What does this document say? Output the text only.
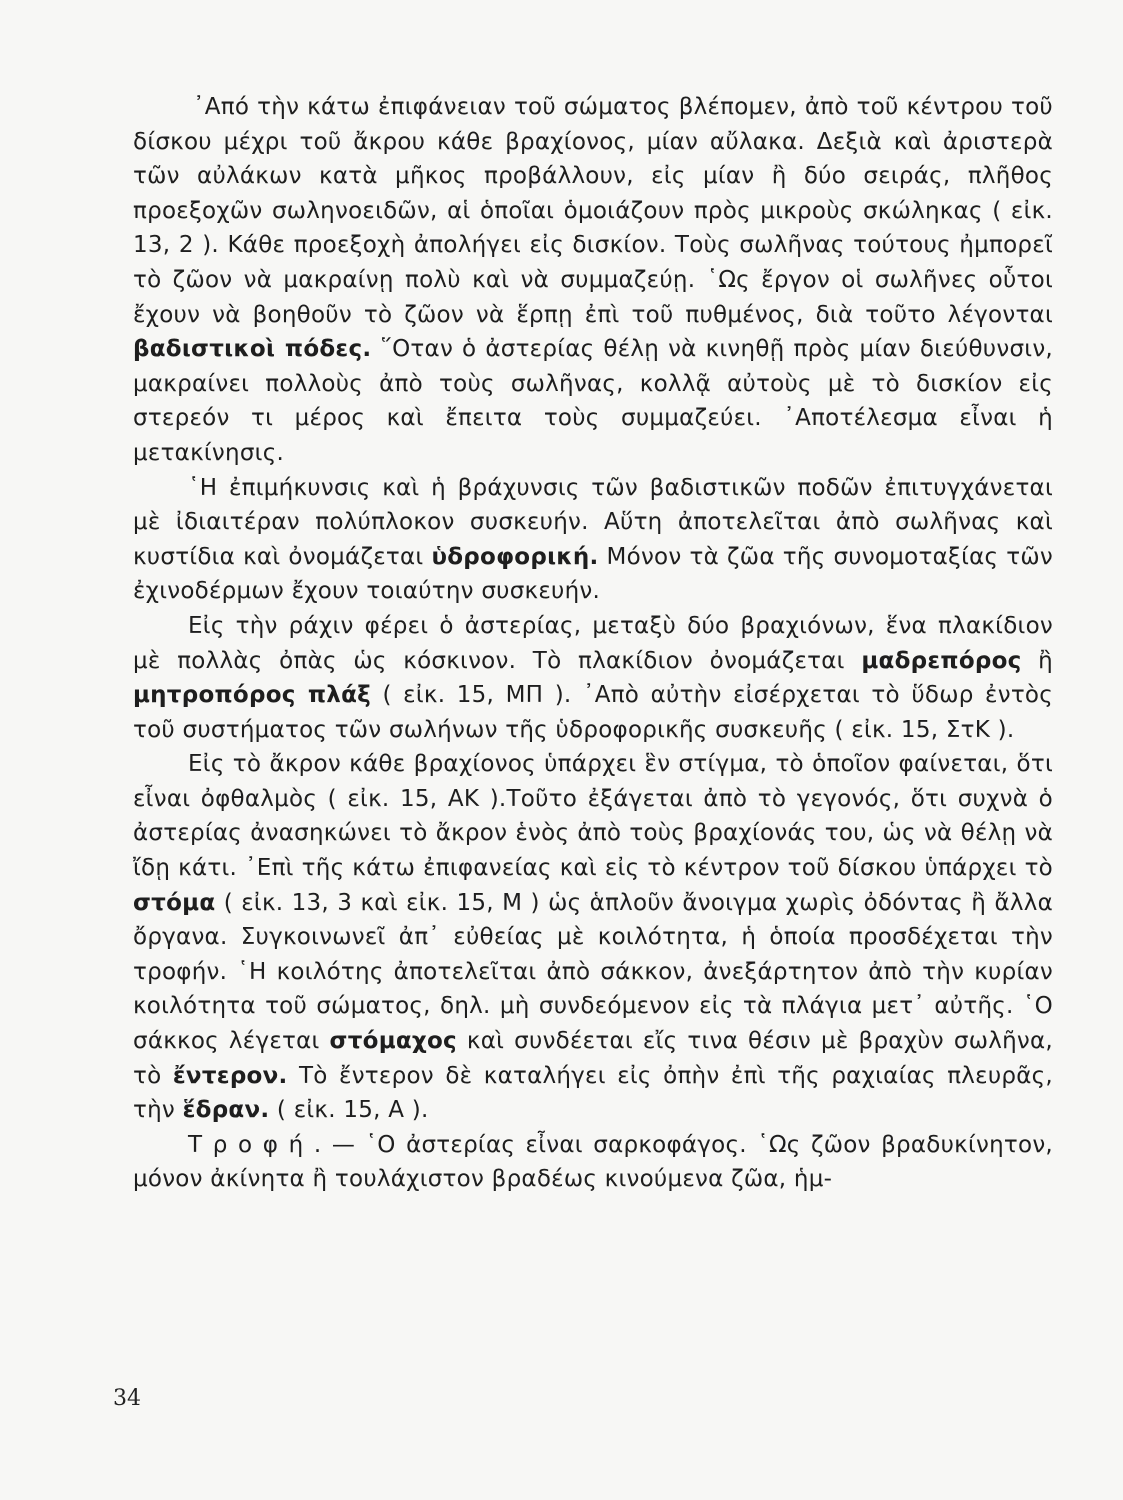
᾿Από τὴν κάτω ἐπιφάνειαν τοῦ σώματος βλέπομεν, ἀπὸ τοῦ κέντρου τοῦ δίσκου μέχρι τοῦ ἄκρου κάθε βραχίονος, μίαν αὔλακα. Δεξιὰ καὶ ἀριστερὰ τῶν αὐλάκων κατὰ μῆκος προβάλλουν, εἰς μίαν ἢ δύο σειράς, πλῆθος προεξοχῶν σωληνοειδῶν, αἱ ὁποῖαι ὁμοιάζουν πρὸς μικροὺς σκώληκας ( εἰκ. 13, 2 ). Κάθε προεξοχὴ ἀπολήγει εἰς δισκίον. Τοὺς σωλῆνας τούτους ἠμπορεῖ τὸ ζῶον νὰ μακραίνῃ πολὺ καὶ νὰ συμμαζεύῃ. ῾Ως ἔργον οἱ σωλῆνες οὗτοι ἔχουν νὰ βοηθοῦν τὸ ζῶον νὰ ἕρπῃ ἐπὶ τοῦ πυθμένος, διὰ τοῦτο λέγονται βαδιστικοὶ πόδες. ῞Οταν ὁ ἀστερίας θέλῃ νὰ κινηθῇ πρὸς μίαν διεύθυνσιν, μακραίνει πολλοὺς ἀπὸ τοὺς σωλῆνας, κολλᾷ αὐτοὺς μὲ τὸ δισκίον εἰς στερεόν τι μέρος καὶ ἔπειτα τοὺς συμμαζεύει. ᾿Αποτέλεσμα εἶναι ἡ μετακίνησις.

῾Η ἐπιμήκυνσις καὶ ἡ βράχυνσις τῶν βαδιστικῶν ποδῶν ἐπιτυγχάνεται μὲ ἰδιαιτέραν πολύπλοκον συσκευήν. Αὕτη ἀποτελεῖται ἀπὸ σωλῆνας καὶ κυστίδια καὶ ὀνομάζεται ὑδροφορική. Μόνον τὰ ζῶα τῆς συνομοταξίας τῶν ἐχινοδέρμων ἔχουν τοιαύτην συσκευήν.

Εἰς τὴν ράχιν φέρει ὁ ἀστερίας, μεταξὺ δύο βραχιόνων, ἕνα πλακίδιον μὲ πολλὰς ὀπὰς ὡς κόσκινον. Τὸ πλακίδιον ὀνομάζεται μαδρεπόρος ἢ μητροπόρος πλάξ ( εἰκ. 15, ΜΠ ). ᾿Απὸ αὐτὴν εἰσέρχεται τὸ ὕδωρ ἐντὸς τοῦ συστήματος τῶν σωλήνων τῆς ὑδροφορικῆς συσκευῆς ( εἰκ. 15, ΣτΚ ).

Εἰς τὸ ἄκρον κάθε βραχίονος ὑπάρχει ἓν στίγμα, τὸ ὁποῖον φαίνεται, ὅτι εἶναι ὀφθαλμὸς ( εἰκ. 15, ΑΚ ).Τοῦτο ἐξάγεται ἀπὸ τὸ γεγονός, ὅτι συχνὰ ὁ ἀστερίας ἀνασηκώνει τὸ ἄκρον ἑνὸς ἀπὸ τοὺς βραχίονάς του, ὡς νὰ θέλῃ νὰ ἴδῃ κάτι. ᾿Επὶ τῆς κάτω ἐπιφανείας καὶ εἰς τὸ κέντρον τοῦ δίσκου ὑπάρχει τὸ στόμα ( εἰκ. 13, 3 καὶ εἰκ. 15, Μ ) ὡς ἁπλοῦν ἄνοιγμα χωρὶς ὀδόντας ἢ ἄλλα ὄργανα. Συγκοινωνεῖ ἀπ᾿ εὐθείας μὲ κοιλότητα, ἡ ὁποία προσδέχεται τὴν τροφήν. ῾Η κοιλότης ἀποτελεῖται ἀπὸ σάκκον, ἀνεξάρτητον ἀπὸ τὴν κυρίαν κοιλότητα τοῦ σώματος, δηλ. μὴ συνδεόμενον εἰς τὰ πλάγια μετ᾿ αὐτῆς. ῾Ο σάκκος λέγεται στόμαχος καὶ συνδέεται εἴς τινα θέσιν μὲ βραχὺν σωλῆνα, τὸ ἔντερον. Τὸ ἔντερον δὲ καταλήγει εἰς ὀπὴν ἐπὶ τῆς ραχιαίας πλευρᾶς, τὴν ἕδραν. ( εἰκ. 15, Α ).

Τ ρ ο φ ή . — ῾Ο ἀστερίας εἶναι σαρκοφάγος. ῾Ως ζῶον βραδυκίνητον, μόνον ἀκίνητα ἢ τουλάχιστον βραδέως κινούμενα ζῶα, ἡμ-

34
